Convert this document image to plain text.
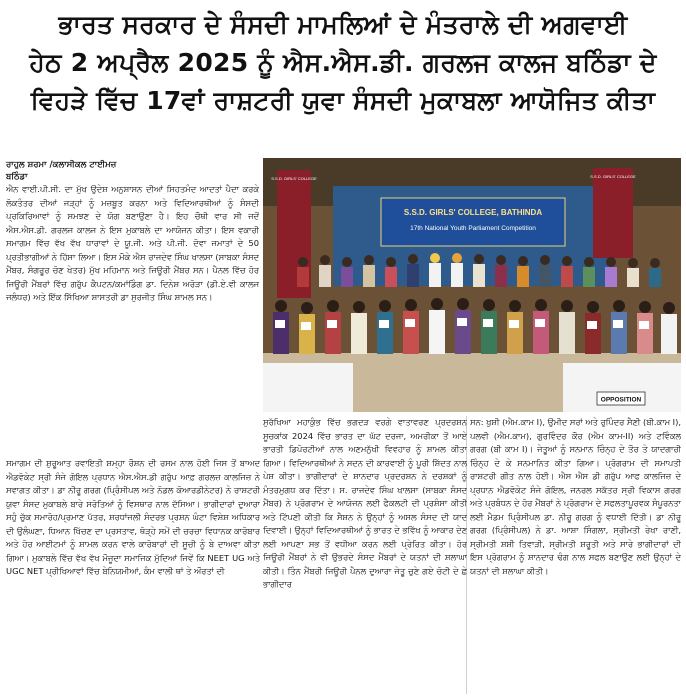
ਭਾਰਤ ਸਰਕਾਰ ਦੇ ਸੰਸਦੀ ਮਾਮਲਿਆਂ ਦੇ ਮੰਤਰਾਲੇ ਦੀ ਅਗਵਾਈ
ਹੇਠ 2 ਅਪ੍ਰੈਲ 2025 ਨੂੰ ਐਸ.ਐਸ.ਡੀ. ਗਰਲਜ ਕਾਲਜ ਬਠਿੰਡਾ ਦੇ
ਵਿਹੜੇ ਵਿੱਚ 17ਵਾਂ ਰਾਸ਼ਟਰੀ ਯੁਵਾ ਸੰਸਦੀ ਮੁਕਾਬਲਾ ਆਯੋਜਿਤ ਕੀਤਾ
ਰਾਹੁਲ ਸ਼ਰਮਾ /ਕਲਾਸੀਕਲ ਟਾਈਮਜ਼
ਬਠਿੰਡਾ

ਐਨ ਵਾਈ.ਪੀ.ਸੀ. ਦਾ ਮੁੱਖ ਉਦੇਸ਼ ਅਨੁਸ਼ਾਸਨ ਦੀਆਂ ਸਿਹਤਮੰਦ ਆਦਤਾਂ ਪੈਦਾ ਕਰਕੇ ਲੋਕਤੰਤਰ ਦੀਆਂ ਜੜ੍ਹਾਂ ਨੂੰ ਮਜ਼ਬੂਤ ਕਰਨਾ ਅਤੇ ਵਿਦਿਆਰਥੀਆਂ ਨੂੰ ਸੰਸਦੀ ਪ੍ਰਕਿਰਿਆਵਾਂ ਨੂੰ ਸਮਝਣ ਦੇ ਯੋਗ ਬਣਾਉਣਾ ਹੈ। ਇਹ ਚੌਥੀ ਵਾਰ ਸੀ ਜਦੋਂ ਐਸ.ਐਸ.ਡੀ. ਗਰਲਜ ਕਾਲਜ ਨੇ ਇਸ ਮੁਕਾਬਲੇ ਦਾ ਆਯੋਜਨ ਕੀਤਾ। ਇਸ ਵਕਾਰੀ ਸਮਾਗਮ ਵਿੱਚ ਵੱਖ ਵੱਖ ਧਾਰਾਵਾਂ ਦੇ ਯੂ.ਜੀ. ਅਤੇ ਪੀ.ਜੀ. ਦੋਵਾ ਜਮਾਤਾਂ ਦੇ 50 ਪ੍ਰਤੀਭਾਗੀਆਂ ਨੇ ਹਿੱਸਾ ਲਿਆ। ਇਸ ਮੌਕੇ ਐਸ ਰਾਜਦੇਵ ਸਿੰਘ ਖਾਲਸਾ (ਸਾਬਕਾ ਸੰਸਦ ਮੈਂਬਰ, ਸੰਗਰੂਰ ਚੋਣ ਖੇਤਰ) ਮੁੱਖ ਮਹਿਮਾਨ ਅਤੇ ਜਿਊਰੀ ਮੈਂਬਰ ਸਨ। ਪੈਨਲ ਵਿੱਚ ਹੋਰ ਜਿਊਰੀ ਮੈਂਬਰਾਂ ਵਿੱਚ ਗਰੁੱਪ ਕੈਪਟਨ/ਕਮਾਂਡਿੰਗ ਡਾ. ਦਿਨੇਸ਼ ਅਰੋੜਾ (ਡੀ.ਏ.ਵੀ ਕਾਲਜ ਜਲੰਧਰ) ਅਤੇ ਇੱਕ ਸਿੱਖਿਆ ਸ਼ਾਸਤਰੀ ਡਾ ਸੁਰਜੀਤ ਸਿੰਘ ਸ਼ਾਮਲ ਸਨ।

ਸਮਾਗਮ ਦੀ ਸ਼ੁਰੂਆਤ ਰਵਾਇਤੀ ਸ਼ਮ੍ਹਾ ਰੌਸ਼ਨ ਦੀ ਰਸਮ ਨਾਲ ਹੋਈ ਜਿਸ ਤੋਂ ਬਾਅਦ ਐਡਵੋਕੇਟ ਸ੍ਰੀ ਸੰਜੇ ਗੋਇਲ ਪ੍ਰਧਾਨ ਐਸ.ਐਸ.ਡੀ ਗਰੁੱਪ ਆਫ਼ ਗਰਲਜ਼ ਕਾਲਜਿਜ਼ ਨੇ ਸਵਾਗਤ ਕੀਤਾ। ਡਾ ਨੀਰੂ ਗਰਗ (ਪ੍ਰਿੰਸੀਪਲ ਅਤੇ ਨੋਡਲ ਕੋਆਰਡੀਨੇਟਰ) ਨੇ ਰਾਸ਼ਟਰੀ ਯੁਵਾ ਸੰਸਦ ਮੁਕਾਬਲੇ ਬਾਰੇ ਸਰੋਤਿਆਂ ਨੂੰ ਵਿਸਥਾਰ ਨਾਲ ਦੱਸਿਆ। ਭਾਗੀਦਾਰਾਂ ਦੁਆਰਾ ਸਹੁੰ ਚੁੱਕ ਸਮਾਰੋਹ/ਪ੍ਰਮਾਣ ਪੱਤਰ, ਸ਼ਰਧਾਂਜਲੀ ਸੰਦਰਭ ਪ੍ਰਸ਼ਨ ਘੰਟਾ ਵਿਸ਼ੇਸ਼ ਅਧਿਕਾਰ ਦੀ ਉਲੰਘਣਾ, ਧਿਆਨ ਖਿੱਚਣ ਦਾ ਪ੍ਰਸਤਾਵ, ਥੋੜ੍ਹੇ ਸਮੇਂ ਦੀ ਚਰਚਾ ਵਿਧਾਨਕ ਕਾਰੋਬਾਰ ਅਤੇ ਹੋਰ ਆਈਟਮਾਂ ਨੂੰ ਸ਼ਾਮਲ ਕਰਨ ਵਾਲੇ ਕਾਰੋਬਾਰਾਂ ਦੀ ਸੂਚੀ ਨੂੰ ਬੇ ਦਾਅਵਾ ਕੀਤਾ ਗਿਆ। ਮੁਕਾਬਲੇ ਵਿੱਚ ਵੱਖ ਵੱਖ ਮੌਜੂਦਾ ਸਮਾਜਿਕ ਮੁੱਦਿਆਂ ਜਿਵੇਂ ਕਿ NEET UG ਅਤੇ UGC NET ਪ੍ਰੀਖਿਆਵਾਂ ਵਿੱਚ ਬੇਨਿਯਮੀਆਂ, ਕੰਮ ਵਾਲੀ ਥਾਂ ਤੇ ਔਰਤਾਂ ਦੀ

ਸੁਰੱਖਿਆ ਮਹਾਕੁੰਭ ਵਿੱਚ ਭਗਦੜ ਵਰਗੇ ਵਾਤਾਵਰਣ ਪ੍ਰਦਰਸ਼ਨ ਸੂਚਕਾਂਕ 2024 ਵਿੱਚ ਭਾਰਤ ਦਾ ਘੱਟ ਦਰਜਾ, ਅਮਰੀਕਾ ਤੋਂ ਆਏ ਭਾਰਤੀ ਡਿਪੋਰਟੀਆਂ ਨਾਲ ਅਣਮਨੁੱਖੀ ਵਿਵਹਾਰ ਨੂੰ ਸ਼ਾਮਲ ਕੀਤਾ ਗਿਆ। ਵਿਦਿਆਰਥੀਆਂ ਨੇ ਸਦਨ ਦੀ ਕਾਰਵਾਈ ਨੂੰ ਪੂਰੀ ਸ਼ਿੱਦਤ ਨਾਲ ਪੇਸ਼ ਕੀਤਾ। ਭਾਗੀਦਾਰਾਂ ਦੇ ਸ਼ਾਨਦਾਰ ਪ੍ਰਦਰਸ਼ਨ ਨੇ ਦਰਸ਼ਕਾਂ ਨੂੰ ਮੰਤਰਮੁਗਧ ਕਰ ਦਿੱਤਾ। ਸ. ਰਾਜਦੇਵ ਸਿੰਘ ਖਾਲਸਾ (ਸਾਬਕਾ ਸੰਸਦ ਮੈਂਬਰ) ਨੇ ਪ੍ਰੋਗਰਾਮ ਦੇ ਆਯੋਜਨ ਲਈ ਫੈਕਲਟੀ ਦੀ ਪ੍ਰਸ਼ੰਸਾ ਕੀਤੀ ਅਤੇ ਟਿੱਪਣੀ ਕੀਤੀ ਕਿ ਸੈਸ਼ਨ ਨੇ ਉਨ੍ਹਾਂ ਨੂੰ ਅਸਲ ਸੰਸਦ ਦੀ ਯਾਦ ਦਿਵਾਈ। ਉਨ੍ਹਾਂ ਵਿਦਿਆਰਥੀਆਂ ਨੂੰ ਭਾਰਤ ਦੇ ਭਵਿੱਖ ਨੂੰ ਆਕਾਰ ਦੇਣ ਲਈ ਆਪਣਾ ਸਭ ਤੋਂ ਵਧੀਆ ਕਰਨ ਲਈ ਪ੍ਰੇਰਿਤ ਕੀਤਾ। ਹੋਰ ਜਿਊਰੀ ਮੈਂਬਰਾਂ ਨੇ ਵੀ ਉਭਰਦੇ ਸੰਸਦ ਮੈਂਬਰਾਂ ਦੇ ਯਤਨਾਂ ਦੀ ਸ਼ਲਾਘਾ ਕੀਤੀ। ਤਿੰਨ ਮੈਂਬਰੀ ਜਿਊਰੀ ਪੈਨਲ ਦੁਆਰਾ ਜੇਤੂ ਚੁਣੇ ਗਏ ਚੋਟੀ ਦੇ ਛੇ ਭਾਗੀਦਾਰ

ਸਨ: ਖੁਸ਼ੀ (ਐਮ.ਕਾਮ I), ਉਮੀਦ ਸਰਾਂ ਅਤੇ ਰੁਪਿੰਦਰ ਸੈਣੀ (ਬੀ.ਕਾਮ I), ਪਲਵੀ (ਐਮ.ਕਾਮ), ਗੁਰਵਿੰਦਰ ਕੌਰ (ਐਮ ਕਾਮ-II) ਅਤੇ ਟਵਿੰਕਲ ਗਰਗ (ਬੀ ਕਾਮ I)। ਜੇਤੂਆਂ ਨੂੰ ਸਨਮਾਨ ਚਿੰਨ੍ਹ ਦੇ ਤੌਰ ਤੇ ਯਾਦਗਾਰੀ ਚਿੰਨ੍ਹ ਦੇ ਕੇ ਸਨਮਾਨਿਤ ਕੀਤਾ ਗਿਆ। ਪ੍ਰੋਗਰਾਮ ਦੀ ਸਮਾਪਤੀ ਰਾਸ਼ਟਰੀ ਗੀਤ ਨਾਲ ਹੋਈ। ਐਸ ਐਸ ਡੀ ਗਰੁੱਪ ਆਫ ਕਾਲਜਿਜ਼ ਦੇ ਪ੍ਰਧਾਨ ਐਡਵੋਕੇਟ ਸੰਜੇ ਗੋਇਲ, ਜਨਰਲ ਸਕੱਤਰ ਸ੍ਰੀ ਵਿਕਾਸ ਗਰਗ ਅਤੇ ਪ੍ਰਬੰਧਨ ਦੇ ਹੋਰ ਮੈਂਬਰਾਂ ਨੇ ਪ੍ਰੋਗਰਾਮ ਦੇ ਸਫਲਤਾਪੂਰਵਕ ਸੰਪੂਰਨਤਾ ਲਈ ਮੈਡਮ ਪ੍ਰਿੰਸੀਪਲ ਡਾ. ਨੀਰੂ ਗਰਗ ਨੂੰ ਵਧਾਈ ਦਿੱਤੀ। ਡਾ ਨੀਰੂ ਗਰਗ (ਪ੍ਰਿੰਸੀਪਲ) ਨੇ ਡਾ. ਆਸ਼ਾ ਸਿੰਗਲਾ, ਸ੍ਰੀਮਤੀ ਰੇਖਾ ਰਾਣੀ, ਸ੍ਰੀਮਤੀ ਸ਼ਸ਼ੀ ਤਿਵਾੜੀ, ਸ੍ਰੀਮਤੀ ਸ਼ਰੂਤੀ ਅਤੇ ਸਾਰੇ ਭਾਗੀਦਾਰਾਂ ਦੀ ਇਸ ਪ੍ਰੋਗਰਾਮ ਨੂੰ ਸ਼ਾਨਦਾਰ ਢੰਗ ਨਾਲ ਸਫਲ ਬਣਾਉਣ ਲਈ ਉਨ੍ਹਾਂ ਦੇ ਯਤਨਾਂ ਦੀ ਸ਼ਲਾਘਾ ਕੀਤੀ।

S.S.D. GIRLS' COLLEGE, BATHINDA
17th National Youth Parliament Competition
S.S.D. GIRLS' COLLEGE	S.S.D. GIRLS' COLLEGE
OPPOSITION
